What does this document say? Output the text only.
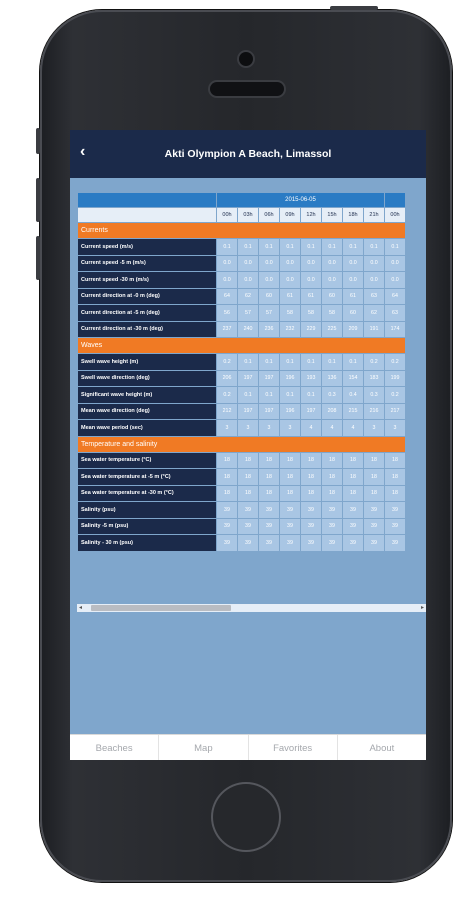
‹	Akti Olympion A Beach, Limassol
	2015-06-05								
	00h	03h	06h	09h	12h	15h	18h	21h	00h
Currents									
Current speed (m/s)	0.1	0.1	0.1	0.1	0.1	0.1	0.1	0.1	0.1
Current speed -5 m (m/s)	0.0	0.0	0.0	0.0	0.0	0.0	0.0	0.0	0.0
Current speed -30 m (m/s)	0.0	0.0	0.0	0.0	0.0	0.0	0.0	0.0	0.0
Current direction at -0 m (deg)	64	62	60	61	61	60	61	63	64
Current direction at -5 m (deg)	56	57	57	58	58	58	60	62	63
Current direction at -30 m (deg)	237	240	236	232	229	225	209	191	174
Waves									
Swell wave height (m)	0.2	0.1	0.1	0.1	0.1	0.1	0.1	0.2	0.2
Swell wave direction (deg)	206	197	197	196	193	136	154	183	199
Significant wave height (m)	0.2	0.1	0.1	0.1	0.1	0.3	0.4	0.3	0.2
Mean wave direction (deg)	212	197	197	196	197	208	215	216	217
Mean wave period (sec)	3	3	3	3	4	4	4	3	3
Temperature and salinity									
Sea water temperature (°C)	18	18	18	18	18	18	18	18	18
Sea water temperature at -5 m (°C)	18	18	18	18	18	18	18	18	18
Sea water temperature at -30 m (°C)	18	18	18	18	18	18	18	18	18
Salinity (psu)	39	39	39	39	39	39	39	39	39
Salinity -5 m (psu)	39	39	39	39	39	39	39	39	39
Salinity - 30 m (psu)	39	39	39	39	39	39	39	39	39
◂	▸
Beaches	Map	Favorites	About
